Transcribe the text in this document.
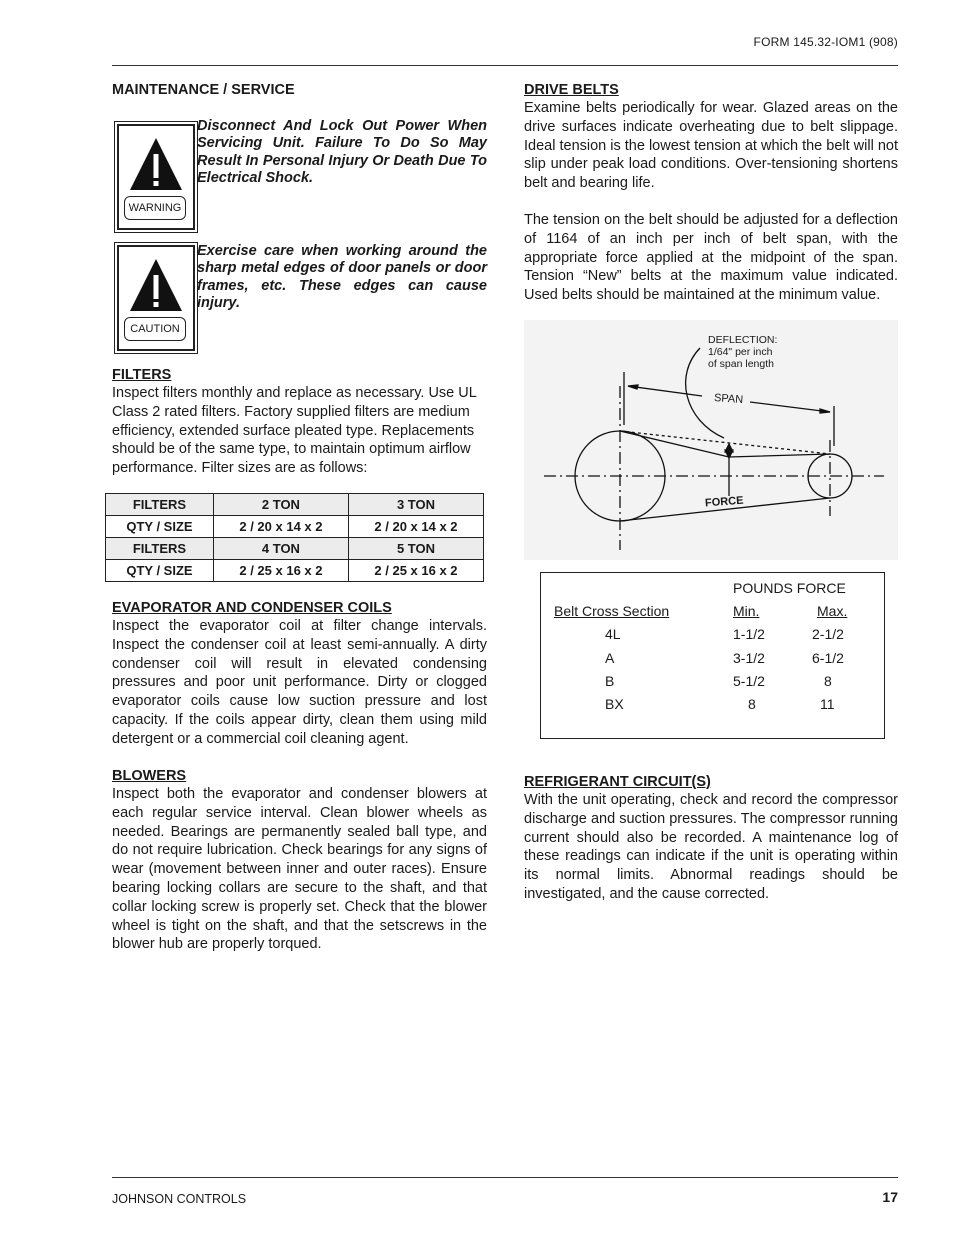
FORM 145.32-IOM1 (908)
MAINTENANCE / SERVICE
WARNING

Disconnect And Lock Out Power When Servicing Unit. Failure To Do So May Result In Personal Injury Or Death Due To Electrical Shock.

CAUTION

Exercise care when working around the sharp metal edges of door panels or door frames, etc. These edges can cause injury.

FILTERS

Inspect filters monthly and replace as necessary. Use UL Class 2 rated filters. Factory supplied filters are medium efficiency, extended surface pleated type. Replacements should be of the same type, to maintain optimum airflow performance. Filter sizes are as follows:

FILTERS	2 TON	3 TON
QTY / SIZE	2 / 20 x 14 x 2	2 / 20 x 14 x 2
FILTERS	4 TON	5 TON
QTY / SIZE	2 / 25 x 16 x 2	2 / 25 x 16 x 2
EVAPORATOR AND CONDENSER COILS

Inspect the evaporator coil at filter change intervals. Inspect the condenser coil at least semi-annually. A dirty condenser coil will result in elevated condensing pressures and poor unit performance. Dirty or clogged evaporator coils cause low suction pressure and lost capacity. If the coils appear dirty, clean them using mild detergent or a commercial coil cleaning agent.

BLOWERS

Inspect both the evaporator and condenser blowers at each regular service interval. Clean blower wheels as needed. Bearings are permanently sealed ball type, and do not require lubrication. Check bearings for any signs of wear (movement between inner and outer races). Ensure bearing locking collars are secure to the shaft, and that collar locking screw is properly set. Check that the blower wheel is tight on the shaft, and that the setscrews in the blower hub are properly torqued.

DRIVE BELTS

Examine belts periodically for wear. Glazed areas on the drive surfaces indicate overheating due to belt slippage. Ideal tension is the lowest tension at which the belt will not slip under peak load conditions. Over-tensioning shortens belt and bearing life.

The tension on the belt should be adjusted for a deflection of 1164 of an inch per inch of belt span, with the appropriate force applied at the midpoint of the span. Tension “New” belts at the maximum value indicated. Used belts should be maintained at the minimum value.

DEFLECTION:
1/64" per inch
of span length
SPAN
FORCE
POUNDS FORCE
Belt Cross Section	Min.	Max.
4L	1-1/2	2-1/2
A	3-1/2	6-1/2
B	5-1/2	8
BX	8	11
REFRIGERANT CIRCUIT(S)

With the unit operating, check and record the compressor discharge and suction pressures. The compressor running current should also be recorded. A maintenance log of these readings can indicate if the unit is operating within its normal limits. Abnormal readings should be investigated, and the cause corrected.

JOHNSON CONTROLS	17
